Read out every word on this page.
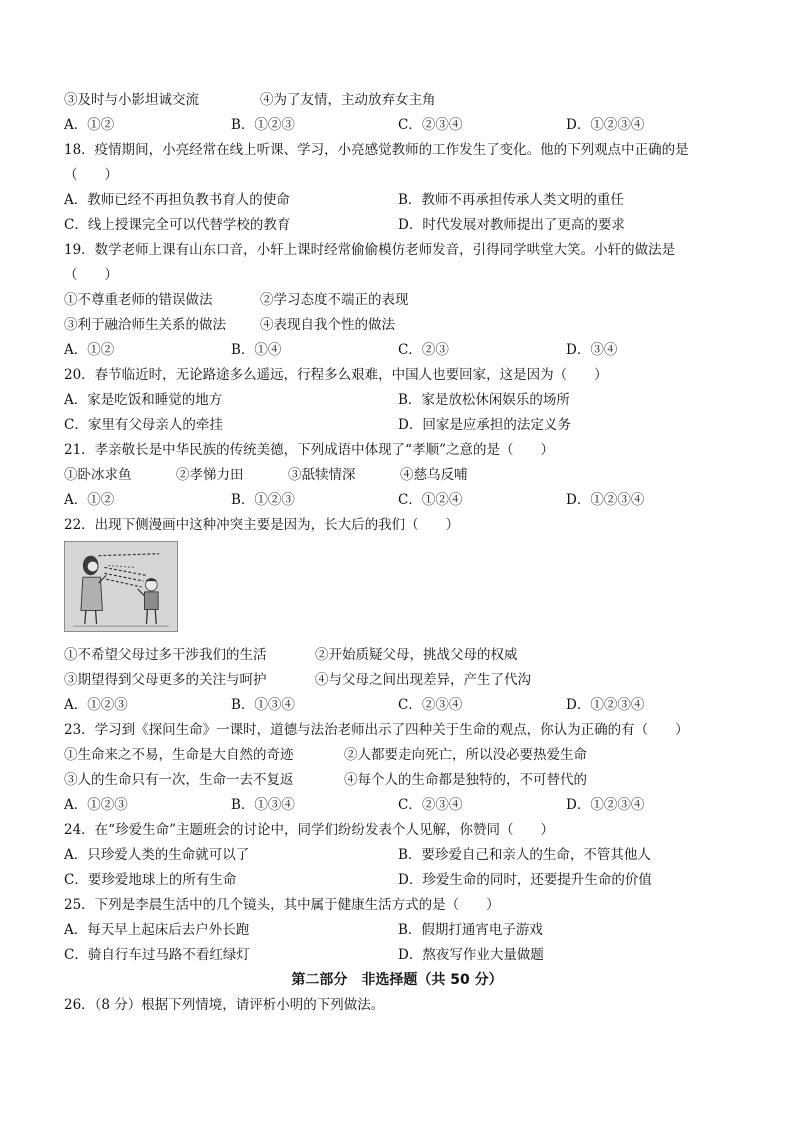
③及时与小影坦诚交流	④为了友情，主动放弃女主角
A．①②	B．①②③	C．②③④	D．①②③④
18．疫情期间，小亮经常在线上听课、学习，小亮感觉教师的工作发生了变化。他的下列观点中正确的是
（　　）
A．教师已经不再担负教书育人的使命	B．教师不再承担传承人类文明的重任
C．线上授课完全可以代替学校的教育	D．时代发展对教师提出了更高的要求
19．数学老师上课有山东口音，小轩上课时经常偷偷模仿老师发音，引得同学哄堂大笑。小轩的做法是
（　　）
①不尊重老师的错误做法	②学习态度不端正的表现
③利于融洽师生关系的做法	④表现自我个性的做法
A．①②	B．①④	C．②③	D．③④
20．春节临近时，无论路途多么遥远，行程多么艰难，中国人也要回家，这是因为（　　）
A．家是吃饭和睡觉的地方	B．家是放松休闲娱乐的场所
C．家里有父母亲人的牵挂	D．回家是应承担的法定义务
21．孝亲敬长是中华民族的传统美德，下列成语中体现了“孝顺”之意的是（　　）
①卧冰求鱼	②孝悌力田	③舐犊情深	④慈乌反哺
A．①②	B．①②③	C．①②④	D．①②③④
22．出现下侧漫画中这种冲突主要是因为，长大后的我们（　　）
①不希望父母过多干涉我们的生活	②开始质疑父母，挑战父母的权威
③期望得到父母更多的关注与呵护	④与父母之间出现差异，产生了代沟
A．①②③	B．①③④	C．②③④	D．①②③④
23．学习到《探问生命》一课时，道德与法治老师出示了四种关于生命的观点，你认为正确的有（　　）
①生命来之不易，生命是大自然的奇迹	②人都要走向死亡，所以没必要热爱生命
③人的生命只有一次，生命一去不复返	④每个人的生命都是独特的，不可替代的
A．①②③	B．①③④	C．②③④	D．①②③④
24．在“珍爱生命”主题班会的讨论中，同学们纷纷发表个人见解，你赞同（　　）
A．只珍爱人类的生命就可以了	B．要珍爱自己和亲人的生命，不管其他人
C．要珍爱地球上的所有生命	D．珍爱生命的同时，还要提升生命的价值
25．下列是李晨生活中的几个镜头，其中属于健康生活方式的是（　　）
A．每天早上起床后去户外长跑	B．假期打通宵电子游戏
C．骑自行车过马路不看红绿灯	D．熬夜写作业大量做题
第二部分　非选择题（共 50 分）
26．（8 分）根据下列情境，请评析小明的下列做法。
